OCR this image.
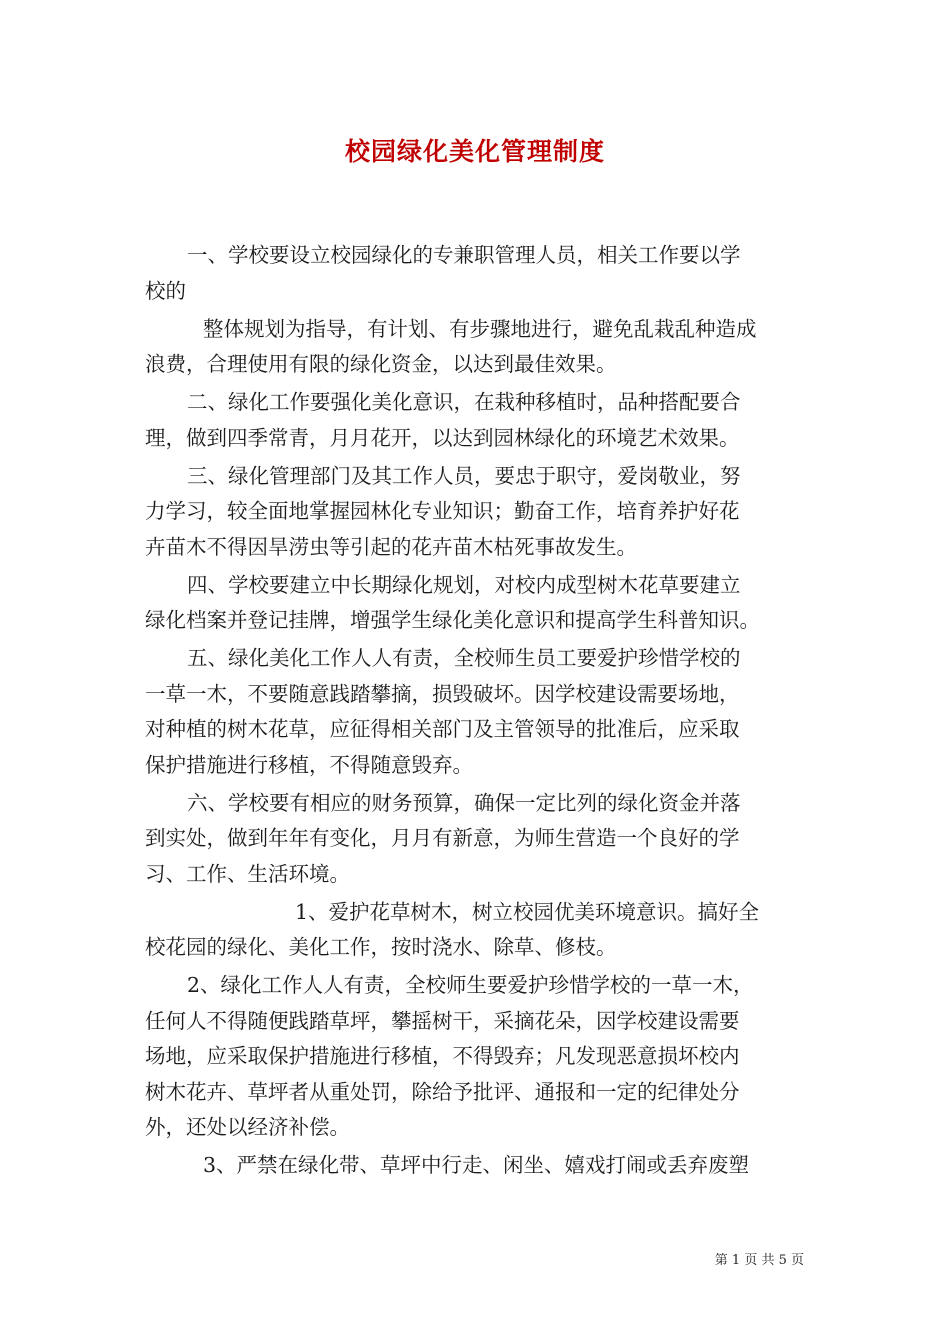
校园绿化美化管理制度
一、学校要设立校园绿化的专兼职管理人员，相关工作要以学
校的
整体规划为指导，有计划、有步骤地进行，避免乱栽乱种造成
浪费，合理使用有限的绿化资金，以达到最佳效果。
二、绿化工作要强化美化意识，在栽种移植时，品种搭配要合
理，做到四季常青，月月花开，以达到园林绿化的环境艺术效果。
三、绿化管理部门及其工作人员，要忠于职守，爱岗敬业，努
力学习，较全面地掌握园林化专业知识；勤奋工作，培育养护好花
卉苗木不得因旱涝虫等引起的花卉苗木枯死事故发生。
四、学校要建立中长期绿化规划，对校内成型树木花草要建立
绿化档案并登记挂牌，增强学生绿化美化意识和提高学生科普知识。
五、绿化美化工作人人有责，全校师生员工要爱护珍惜学校的
一草一木，不要随意践踏攀摘，损毁破坏。因学校建设需要场地，
对种植的树木花草，应征得相关部门及主管领导的批准后，应采取
保护措施进行移植，不得随意毁弃。
六、学校要有相应的财务预算，确保一定比列的绿化资金并落
到实处，做到年年有变化，月月有新意，为师生营造一个良好的学
习、工作、生活环境。
1、爱护花草树木，树立校园优美环境意识。搞好全
校花园的绿化、美化工作，按时浇水、除草、修枝。
2、绿化工作人人有责，全校师生要爱护珍惜学校的一草一木，
任何人不得随便践踏草坪，攀摇树干，采摘花朵，因学校建设需要
场地，应采取保护措施进行移植，不得毁弃；凡发现恶意损坏校内
树木花卉、草坪者从重处罚，除给予批评、通报和一定的纪律处分
外，还处以经济补偿。
3、严禁在绿化带、草坪中行走、闲坐、嬉戏打闹或丢弃废塑
第 1 页 共 5 页
